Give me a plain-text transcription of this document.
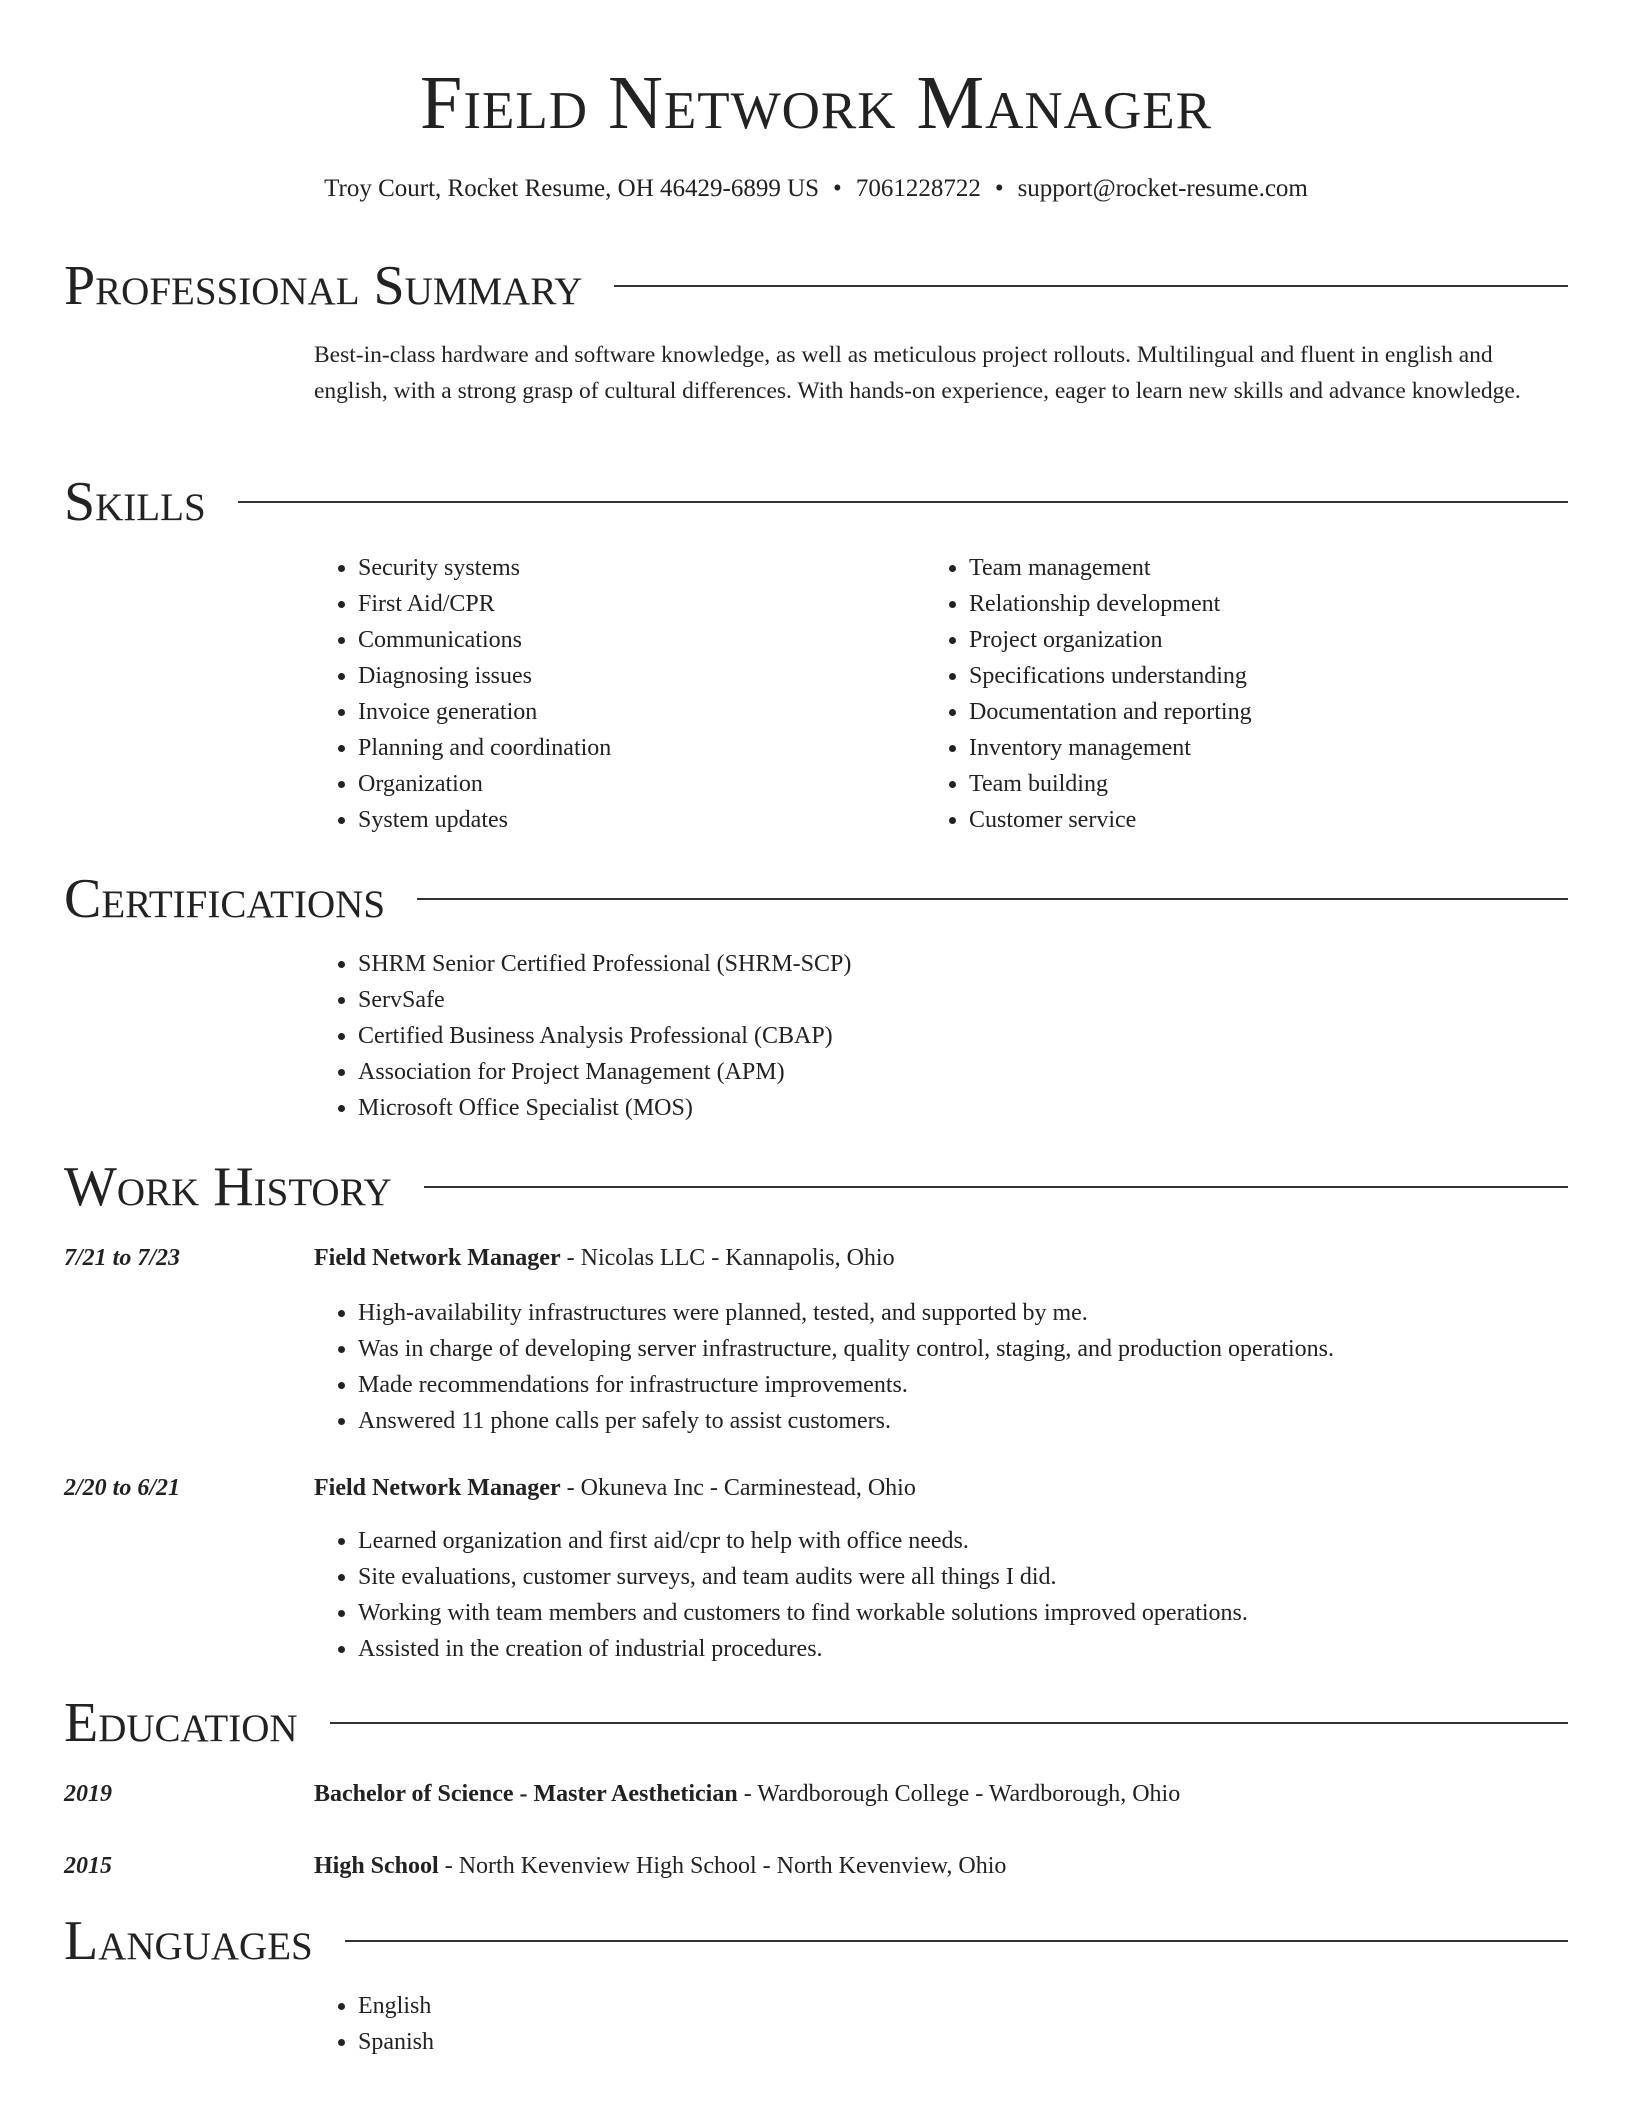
Field Network Manager
Troy Court, Rocket Resume, OH 46429-6899 US • 7061228722 • support@rocket-resume.com
Professional Summary

Best-in-class hardware and software knowledge, as well as meticulous project rollouts. Multilingual and fluent in english and english, with a strong grasp of cultural differences. With hands-on experience, eager to learn new skills and advance knowledge.

Skills
• Security systems
• First Aid/CPR
• Communications
• Diagnosing issues
• Invoice generation
• Planning and coordination
• Organization
• System updates
• Team management
• Relationship development
• Project organization
• Specifications understanding
• Documentation and reporting
• Inventory management
• Team building
• Customer service
Certifications
• SHRM Senior Certified Professional (SHRM-SCP)
• ServSafe
• Certified Business Analysis Professional (CBAP)
• Association for Project Management (APM)
• Microsoft Office Specialist (MOS)
Work History
7/21 to 7/23	Field Network Manager - Nicolas LLC - Kannapolis, Ohio
• High-availability infrastructures were planned, tested, and supported by me.
• Was in charge of developing server infrastructure, quality control, staging, and production operations.
• Made recommendations for infrastructure improvements.
• Answered 11 phone calls per safely to assist customers.
2/20 to 6/21	Field Network Manager - Okuneva Inc - Carminestead, Ohio
• Learned organization and first aid/cpr to help with office needs.
• Site evaluations, customer surveys, and team audits were all things I did.
• Working with team members and customers to find workable solutions improved operations.
• Assisted in the creation of industrial procedures.
Education
2019	Bachelor of Science - Master Aesthetician - Wardborough College - Wardborough, Ohio
2015	High School - North Kevenview High School - North Kevenview, Ohio
Languages
• English
• Spanish
